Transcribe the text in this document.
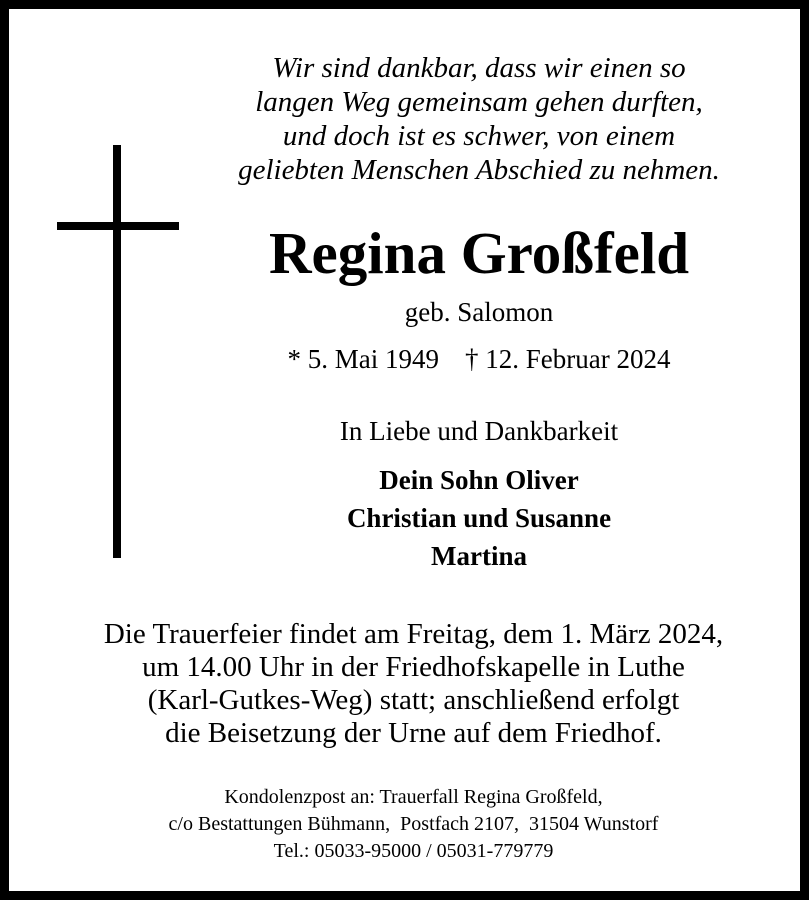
Wir sind dankbar, dass wir einen so
langen Weg gemeinsam gehen durften,
und doch ist es schwer, von einem
geliebten Menschen Abschied zu nehmen.
Regina Großfeld
geb. Salomon
* 5. Mai 1949 † 12. Februar 2024
In Liebe und Dankbarkeit
Dein Sohn Oliver
Christian und Susanne
Martina
Die Trauerfeier findet am Freitag, dem 1. März 2024,
um 14.00 Uhr in der Friedhofskapelle in Luthe
(Karl-Gutkes-Weg) statt; anschließend erfolgt
die Beisetzung der Urne auf dem Friedhof.
Kondolenzpost an: Trauerfall Regina Großfeld,
c/o Bestattungen Bühmann,  Postfach 2107,  31504 Wunstorf
Tel.: 05033-95000 / 05031-779779
